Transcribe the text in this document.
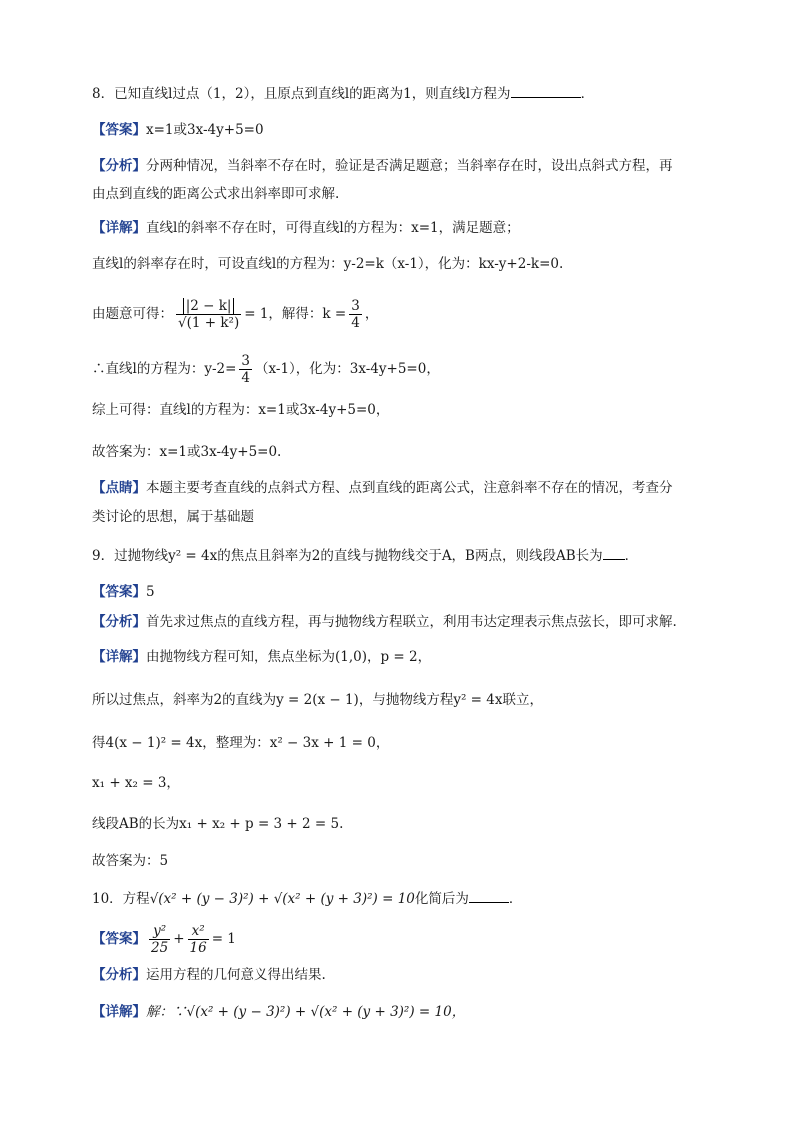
8．已知直线l过点（1，2），且原点到直线l的距离为1，则直线l方程为	．
【答案】x=1或3x-4y+5=0
【分析】分两种情况，当斜率不存在时，验证是否满足题意；当斜率存在时，设出点斜式方程，再
由点到直线的距离公式求出斜率即可求解.
【详解】直线l的斜率不存在时，可得直线l的方程为：x=1，满足题意；
直线l的斜率存在时，可设直线l的方程为：y-2=k（x-1），化为：kx-y+2-k=0.
由题意可得： $\frac{|2 - k|}{\text{√(1 + k²)}} = 1$，解得：$k = \frac{3}{4}$ ，
∴直线l的方程为：$y-2= \frac{3}{4} (x-1)$，化为：3x-4y+5=0，
综上可得：直线l的方程为：x=1或3x-4y+5=0，
故答案为：x=1或3x-4y+5=0.
【点睛】本题主要考查直线的点斜式方程、点到直线的距离公式，注意斜率不存在的情况，考查分
类讨论的思想，属于基础题
9．过抛物线y² = 4x的焦点且斜率为2的直线与抛物线交于A，B两点，则线段AB长为 ．
【答案】5
【分析】首先求过焦点的直线方程，再与抛物线方程联立，利用韦达定理表示焦点弦长，即可求解.
【详解】由抛物线方程可知，焦点坐标为(1,0)，p = 2，
所以过焦点，斜率为2的直线为y = 2(x − 1)，与抛物线方程y² = 4x联立，
得4(x − 1)² = 4x，整理为：x² − 3x + 1 = 0，
x₁ + x₂ = 3，
线段AB的长为x₁ + x₂ + p = 3 + 2 = 5.
故答案为：5
10．方程√(x² + (y − 3)²) + √(x² + (y + 3)²) = 10化简后为	．
【答案】 $\frac{\text{y²}}{25} + \frac{\text{x²}}{16} = 1$
【分析】运用方程的几何意义得出结果.
【详解】解：∵√(x² + (y − 3)²) + √(x² + (y + 3)²) = 10，
